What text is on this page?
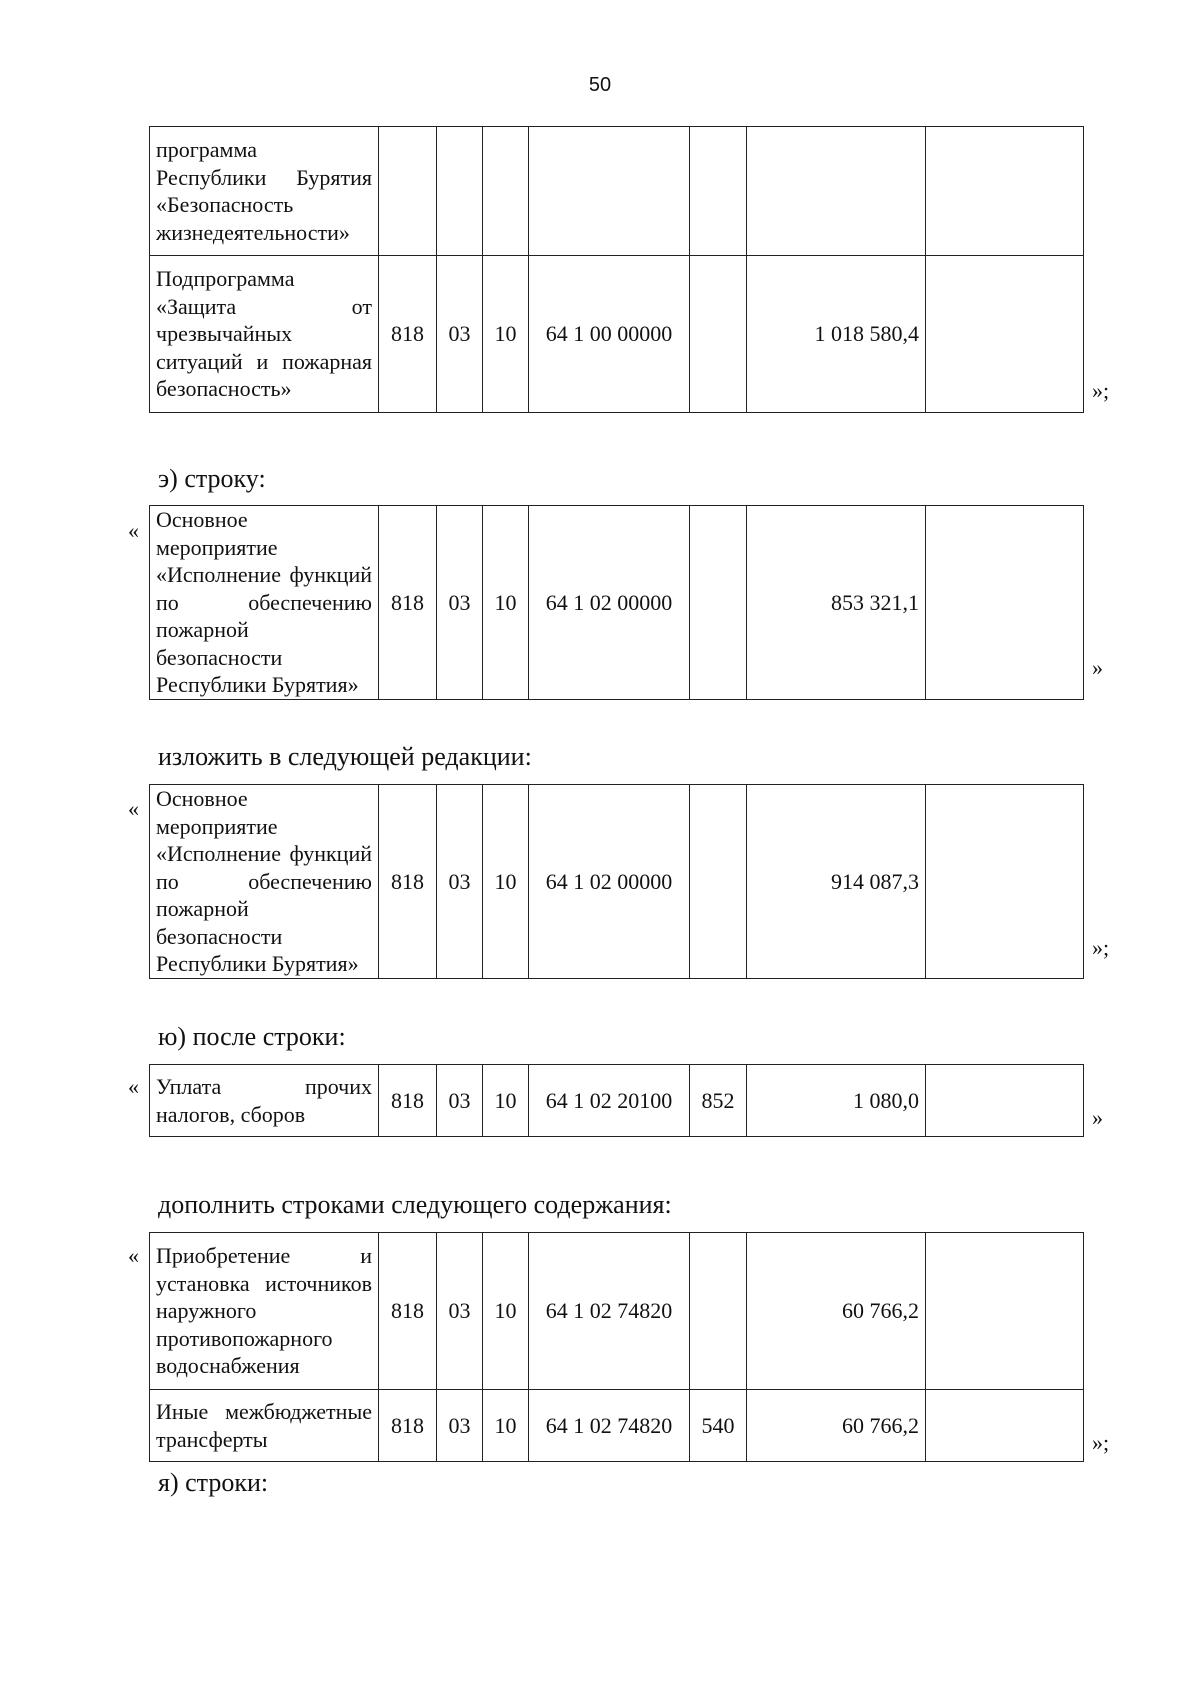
50
программа Республики Бурятия «Безопасность жизнедеятельности»							
Подпрограмма «Защита от чрезвычайных ситуаций и пожарная безопасность»	818	03	10	64 1 00 00000		1 018 580,4	
»;
э) строку:
« Основное мероприятие «Исполнение функций по обеспечению пожарной безопасности Республики Бурятия»	818	03	10	64 1 02 00000		853 321,1	
»
изложить в следующей редакции:
« Основное мероприятие «Исполнение функций по обеспечению пожарной безопасности Республики Бурятия»	818	03	10	64 1 02 00000		914 087,3	
»;
ю) после строки:
« Уплата прочих налогов, сборов	818	03	10	64 1 02 20100	852	1 080,0	
»
дополнить строками следующего содержания:
« Приобретение и установка источников наружного противопожарного водоснабжения	818	03	10	64 1 02 74820		60 766,2	
Иные межбюджетные трансферты	818	03	10	64 1 02 74820	540	60 766,2	
»;
я) строки:
